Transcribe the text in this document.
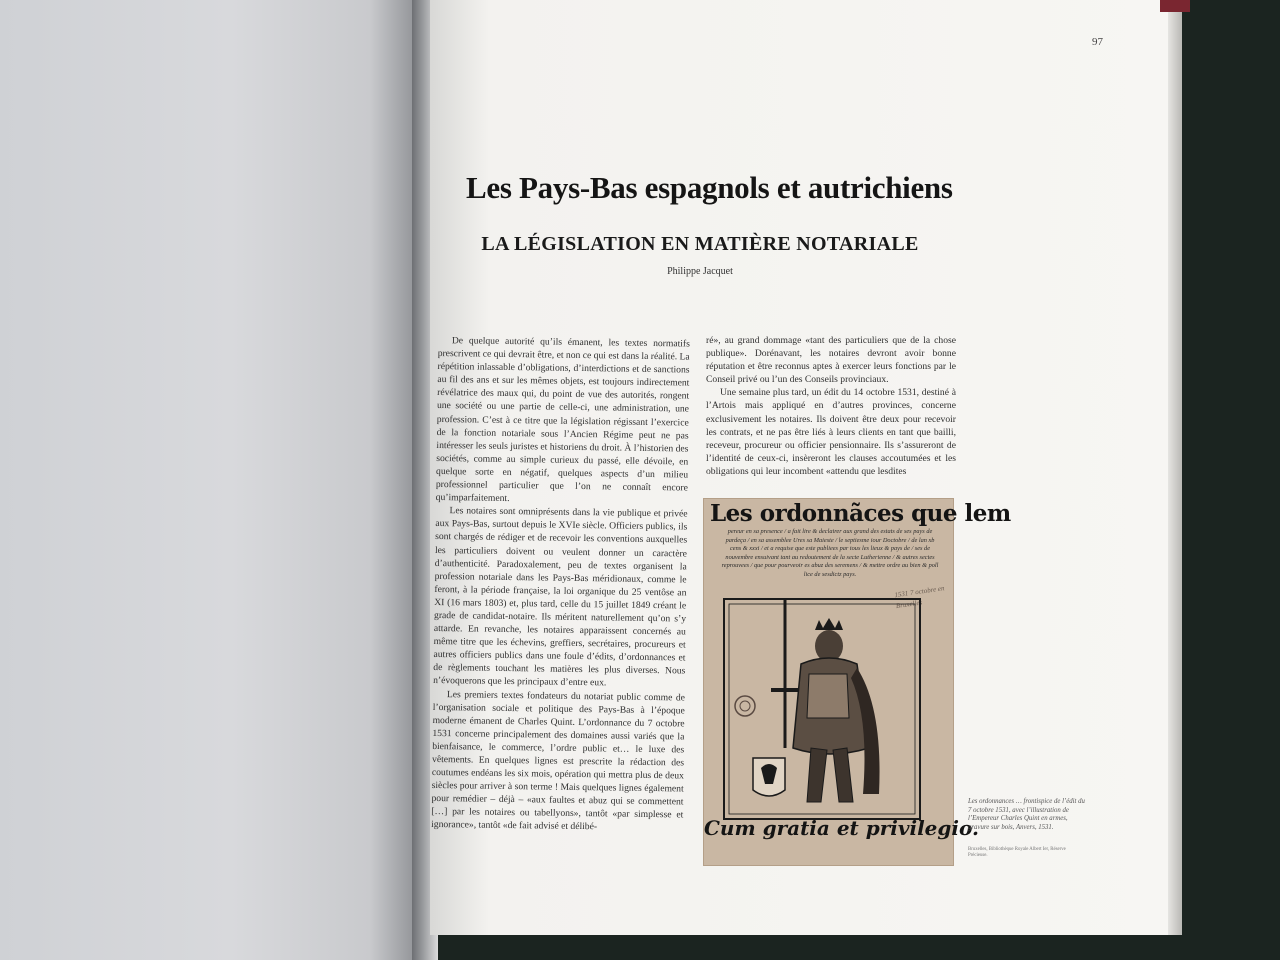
97
Les Pays-Bas espagnols et autrichiens
LA LÉGISLATION EN MATIÈRE NOTARIALE
Philippe Jacquet

De quelque autorité qu’ils émanent, les textes normatifs prescrivent ce qui devrait être, et non ce qui est dans la réalité. La répétition inlassable d’obligations, d’interdictions et de sanctions au fil des ans et sur les mêmes objets, est toujours indirectement révélatrice des maux qui, du point de vue des autorités, rongent une société ou une partie de celle-ci, une administration, une profession. C’est à ce titre que la législation régissant l’exercice de la fonction notariale sous l’Ancien Régime peut ne pas intéresser les seuls juristes et historiens du droit. À l’historien des sociétés, comme au simple curieux du passé, elle dévoile, en quelque sorte en négatif, quelques aspects d’un milieu professionnel particulier que l’on ne connaît encore qu’imparfaitement.

Les notaires sont omniprésents dans la vie publique et privée aux Pays-Bas, surtout depuis le XVIe siècle. Officiers publics, ils sont chargés de rédiger et de recevoir les conventions auxquelles les particuliers doivent ou veulent donner un caractère d’authenticité. Paradoxalement, peu de textes organisent la profession notariale dans les Pays-Bas méridionaux, comme le feront, à la période française, la loi organique du 25 ventôse an XI (16 mars 1803) et, plus tard, celle du 15 juillet 1849 créant le grade de candidat-notaire. Ils méritent naturellement qu’on s’y attarde. En revanche, les notaires apparaissent concernés au même titre que les échevins, greffiers, secrétaires, procureurs et autres officiers publics dans une foule d’édits, d’ordonnances et de règlements touchant les matières les plus diverses. Nous n’évoquerons que les principaux d’entre eux.

Les premiers textes fondateurs du notariat public comme de l’organisation sociale et politique des Pays-Bas à l’époque moderne émanent de Charles Quint. L’ordonnance du 7 octobre 1531 concerne principalement des domaines aussi variés que la bienfaisance, le commerce, l’ordre public et… le luxe des vêtements. En quelques lignes est prescrite la rédaction des coutumes endéans les six mois, opération qui mettra plus de deux siècles pour arriver à son terme ! Mais quelques lignes également pour remédier – déjà – «aux faultes et abuz qui se commettent […] par les notaires ou tabellyons», tantôt «par simplesse et ignorance», tantôt «de fait advisé et délibé-

ré», au grand dommage «tant des particuliers que de la chose publique». Dorénavant, les notaires devront avoir bonne réputation et être reconnus aptes à exercer leurs fonctions par le Conseil privé ou l’un des Conseils provinciaux.

Une semaine plus tard, un édit du 14 octobre 1531, destiné à l’Artois mais appliqué en d’autres provinces, concerne exclusivement les notaires. Ils doivent être deux pour recevoir les contrats, et ne pas être liés à leurs clients en tant que bailli, receveur, procureur ou officier pensionnaire. Ils s’assureront de l’identité de ceux-ci, insèreront les clauses accoutumées et les obligations qui leur incombent «attendu que lesdites

Les ordonnãces que lem
pereur en sa presence / a fait lire & declairer aux grand des estats de ses pays de pardeça / en sa assemblee Ures sa Maieste / le septiesme iour Doctobre / de lan xb cens & xxxi / et a requise que este publiees par tous les lieux & pays de / ses de nouvembre ensuivant tant au redoutement de la secte Lutherienne / & autres sectes reprouvees / que pour pourveoir es abuz des seremens / & mettre ordre au bien & poll lice de sesdictz pays.
1531 7 octobre en Bruxelles
Cum gratia et privilegio.
Les ordonnances … frontispice de l’édit du 7 octobre 1531, avec l’illustration de l’Empereur Charles Quint en armes, gravure sur bois, Anvers, 1531.
Bruxelles, Bibliothèque Royale Albert Ier, Réserve Précieuse.
